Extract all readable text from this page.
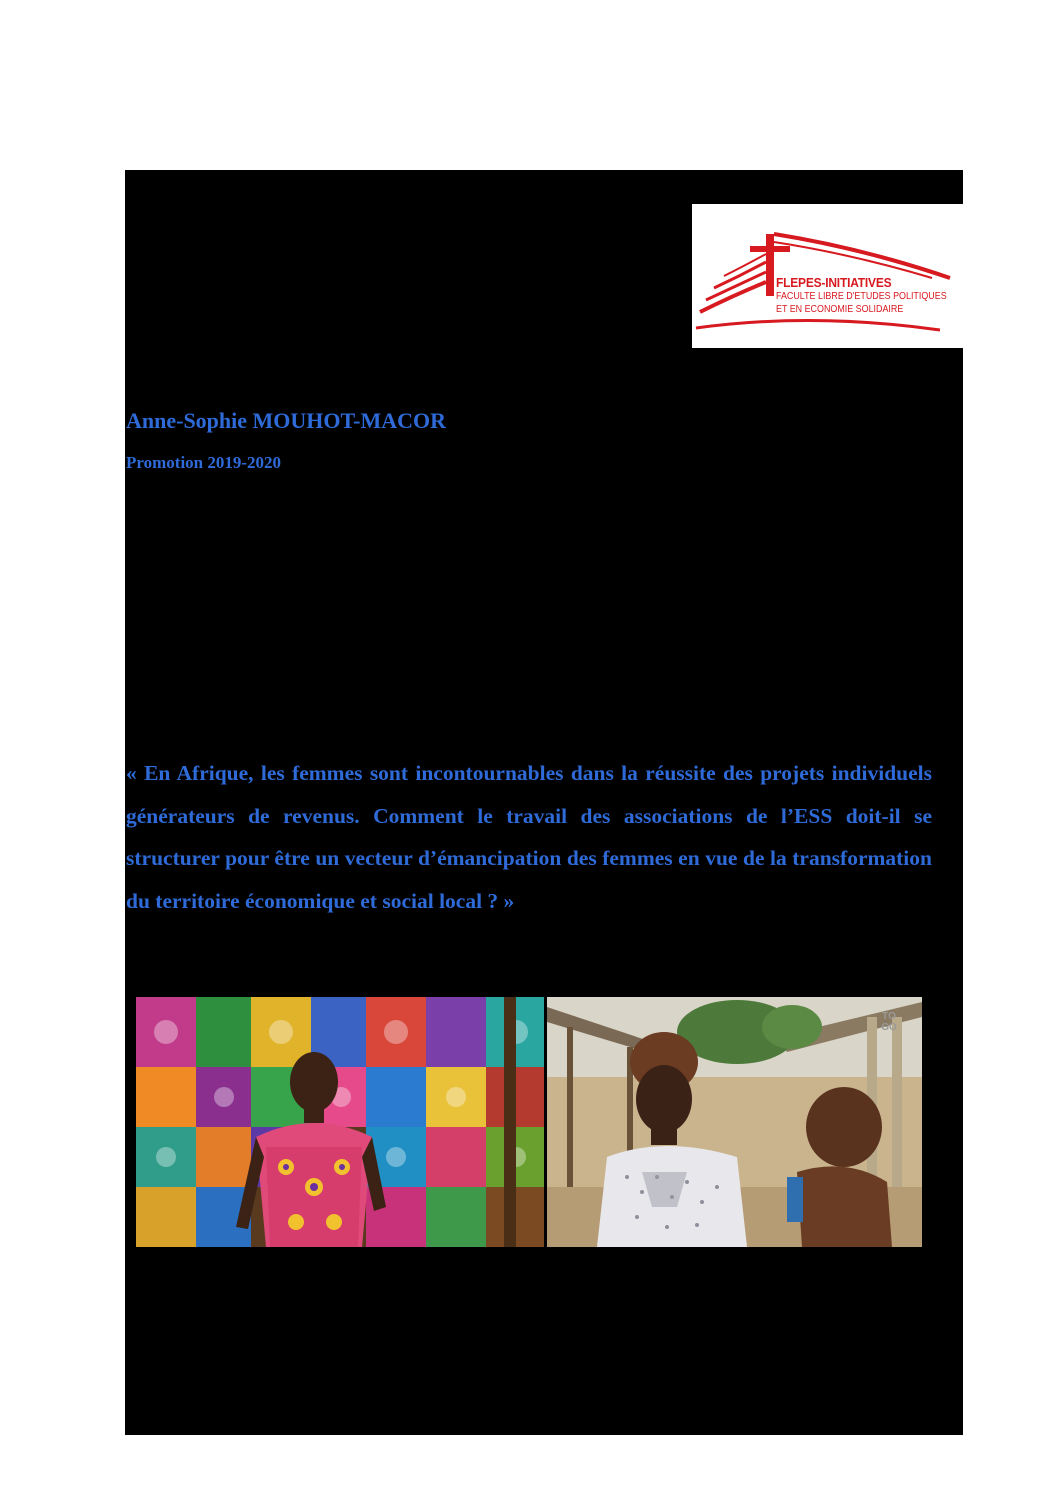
FLEPES-INITIATIVES
FACULTE LIBRE D'ETUDES POLITIQUES
ET EN ECONOMIE SOLIDAIRE
Anne-Sophie MOUHOT-MACOR
Promotion 2019-2020
« En Afrique, les femmes sont incontournables dans la réussite des projets individuels générateurs de revenus. Comment le travail des associations de l’ESS doit-il se structurer pour être un vecteur d’émancipation des femmes en vue de la transformation du territoire économique et social local ? »
TO GO
